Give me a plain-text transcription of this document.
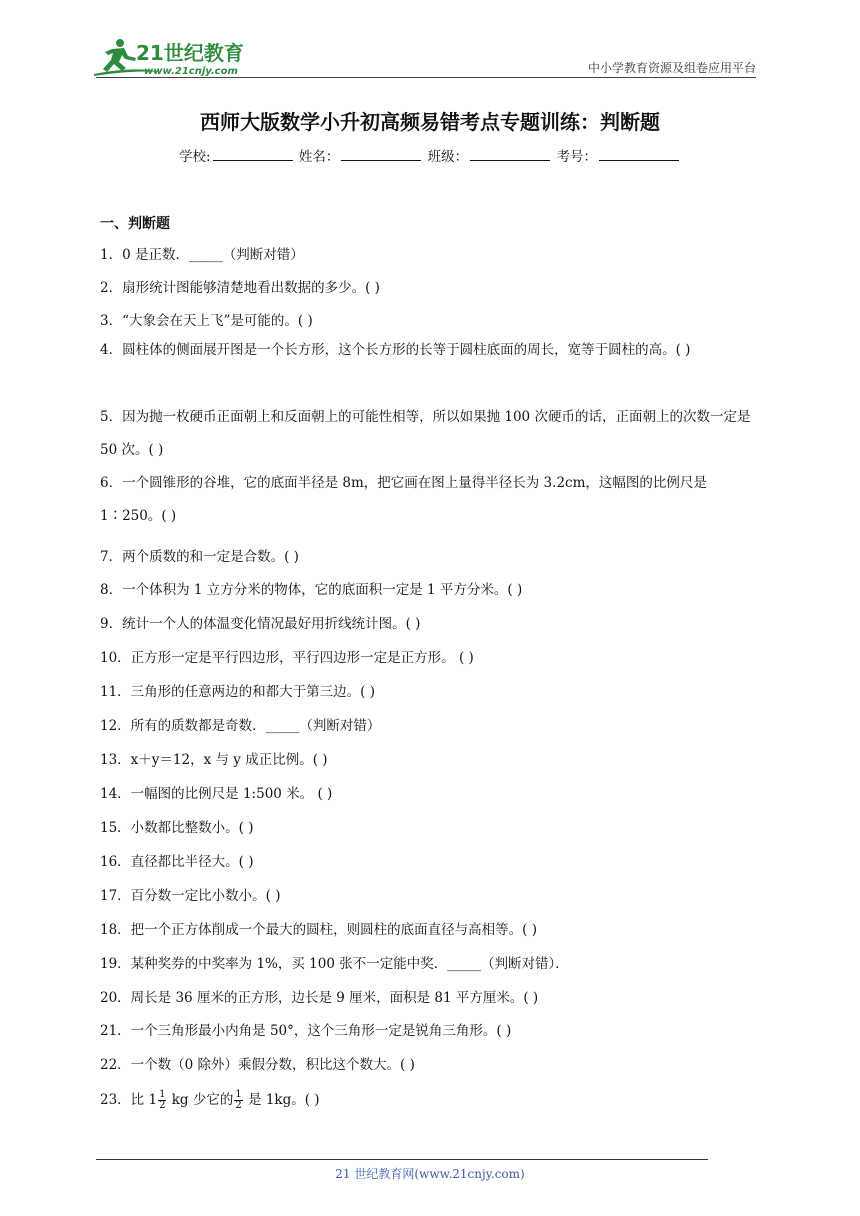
21世纪教育
www.21cnjy.com	中小学教育资源及组卷应用平台
西师大版数学小升初高频易错考点专题训练：判断题
学校:	姓名：	班级：	考号：
一、判断题
1．0 是正数．_____（判断对错）
2．扇形统计图能够清楚地看出数据的多少。( )
3．“大象会在天上飞”是可能的。( )
4．圆柱体的侧面展开图是一个长方形，这个长方形的长等于圆柱底面的周长，宽等于圆柱的高。( )
5．因为抛一枚硬币正面朝上和反面朝上的可能性相等，所以如果抛 100 次硬币的话，正面朝上的次数一定是 50 次。( )
6．一个圆锥形的谷堆，它的底面半径是 8m，把它画在图上量得半径长为 3.2cm，这幅图的比例尺是 1∶250。( )
7．两个质数的和一定是合数。( )
8．一个体积为 1 立方分米的物体，它的底面积一定是 1 平方分米。( )
9．统计一个人的体温变化情况最好用折线统计图。( )
10．正方形一定是平行四边形，平行四边形一定是正方形。 ( )
11．三角形的任意两边的和都大于第三边。( )
12．所有的质数都是奇数．_____（判断对错）
13．x＋y＝12，x 与 y 成正比例。( )
14．一幅图的比例尺是 1:500 米。 ( )
15．小数都比整数小。( )
16．直径都比半径大。( )
17．百分数一定比小数小。( )
18．把一个正方体削成一个最大的圆柱，则圆柱的底面直径与高相等。( )
19．某种奖券的中奖率为 1%，买 100 张不一定能中奖．_____（判断对错）．
20．周长是 36 厘米的正方形，边长是 9 厘米，面积是 81 平方厘米。( )
21．一个三角形最小内角是 50°，这个三角形一定是锐角三角形。( )
22．一个数（0 除外）乘假分数，积比这个数大。( )
23．比 $1 \frac{1}{2}$ kg 少它的 $\frac{1}{2}$ 是 1kg。( )
21 世纪教育网(www.21cnjy.com)
